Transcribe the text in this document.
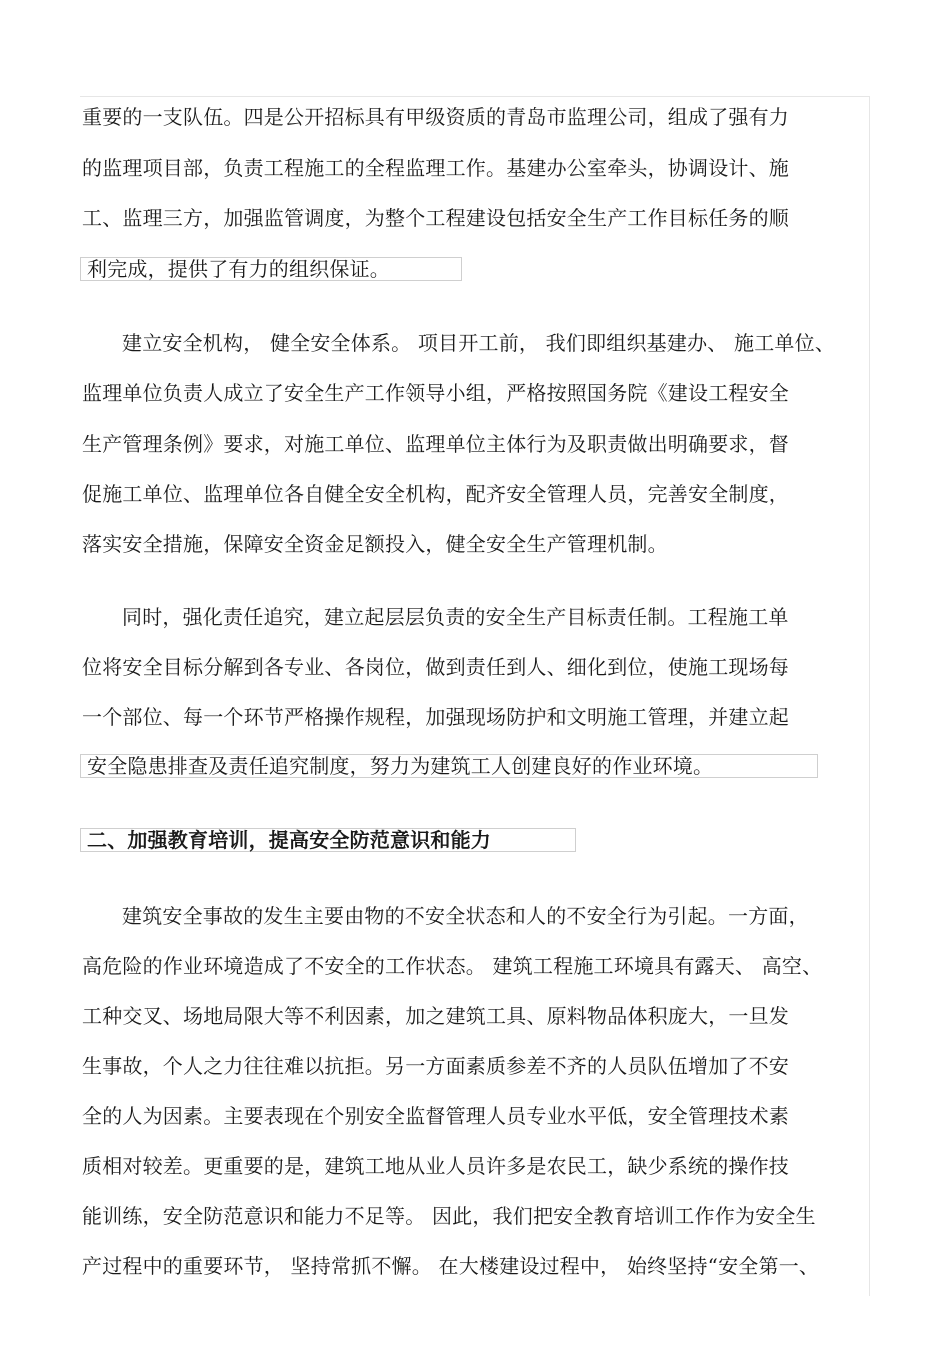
重要的一支队伍。四是公开招标具有甲级资质的青岛市监理公司，组成了强有力
的监理项目部，负责工程施工的全程监理工作。基建办公室牵头，协调设计、施
工、监理三方，加强监管调度，为整个工程建设包括安全生产工作目标任务的顺
利完成，提供了有力的组织保证。
建立安全机构， 健全安全体系。 项目开工前， 我们即组织基建办、 施工单位、
监理单位负责人成立了安全生产工作领导小组，严格按照国务院《建设工程安全
生产管理条例》要求，对施工单位、监理单位主体行为及职责做出明确要求，督
促施工单位、监理单位各自健全安全机构，配齐安全管理人员，完善安全制度，
落实安全措施，保障安全资金足额投入，健全安全生产管理机制。
同时，强化责任追究，建立起层层负责的安全生产目标责任制。工程施工单
位将安全目标分解到各专业、各岗位，做到责任到人、细化到位，使施工现场每
一个部位、每一个环节严格操作规程，加强现场防护和文明施工管理，并建立起
安全隐患排查及责任追究制度，努力为建筑工人创建良好的作业环境。
二、加强教育培训，提高安全防范意识和能力
建筑安全事故的发生主要由物的不安全状态和人的不安全行为引起。一方面，
高危险的作业环境造成了不安全的工作状态。 建筑工程施工环境具有露天、 高空、
工种交叉、场地局限大等不利因素，加之建筑工具、原料物品体积庞大，一旦发
生事故，个人之力往往难以抗拒。另一方面素质参差不齐的人员队伍增加了不安
全的人为因素。主要表现在个别安全监督管理人员专业水平低，安全管理技术素
质相对较差。更重要的是，建筑工地从业人员许多是农民工，缺少系统的操作技
能训练，安全防范意识和能力不足等。 因此，我们把安全教育培训工作作为安全生
产过程中的重要环节， 坚持常抓不懈。 在大楼建设过程中， 始终坚持“安全第一、
